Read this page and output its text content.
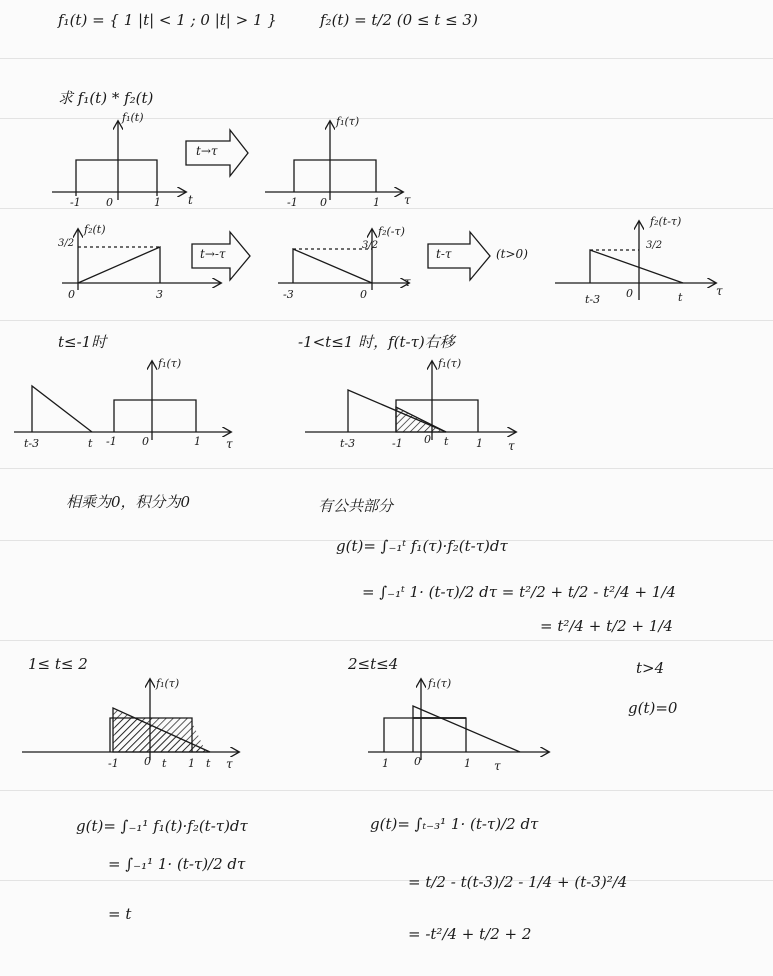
f₁(t) = { 1 |t| < 1 ; 0 |t| > 1 }	f₂(t) = t/2 (0 ≤ t ≤ 3)
求 f₁(t) * f₂(t)
f₁(t)
t
-1 0	1
t→τ
f₁(τ)
τ
-1 0	1
f₂(t)
3/2
0	3
t→-τ
f₂(-τ)
3/2
τ
-3	0
t-τ	(t>0)
f₂(t-τ)
3/2
τ
t-3 0	t
t≤-1时
f₁(τ)
τ
t-3	t -1 0	1
相乘为0，积分为0
-1<t≤1 时，f(t-τ)右移
f₁(τ)
τ
t-3	-1 0 t	1
有公共部分
g(t)= ∫₋₁ᵗ f₁(τ)·f₂(t-τ)dτ
= ∫₋₁ᵗ 1· (t-τ)/2 dτ = t²/2 + t/2 - t²/4 + 1/4
= t²/4 + t/2 + 1/4
1≤ t≤ 2
f₁(τ)
-1 0 t 1 t τ
g(t)= ∫₋₁¹ f₁(t)·f₂(t-τ)dτ
= ∫₋₁¹ 1· (t-τ)/2 dτ
= t
2≤t≤4
f₁(τ)
1 0	1 τ
g(t)= ∫ₜ₋₃¹ 1· (t-τ)/2 dτ
= t/2 - t(t-3)/2 - 1/4 + (t-3)²/4
= -t²/4 + t/2 + 2
t>4
g(t)=0
